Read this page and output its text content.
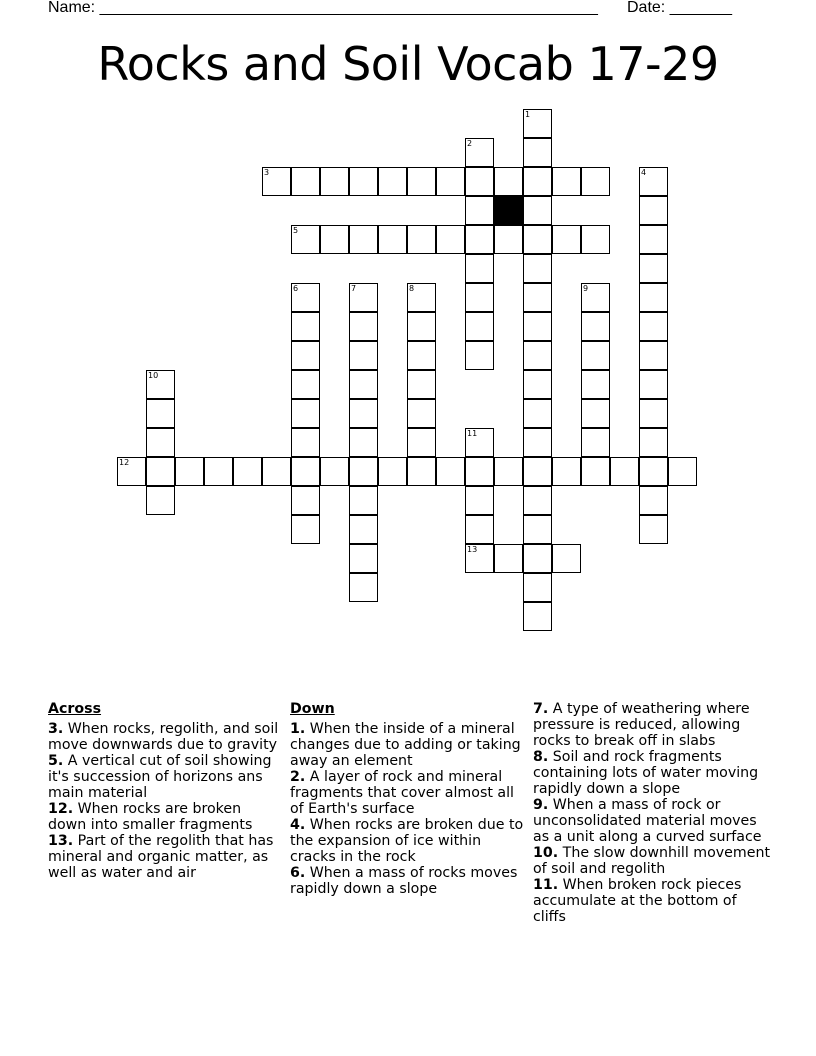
Name: ________________________________________________________ Date: _______
Rocks and Soil Vocab 17-29
1
2
3	4
5
6	7	8	9
10
11
13
12
Across
3. When rocks, regolith, and soil move downwards due to gravity
5. A vertical cut of soil showing it's succession of horizons ans main material
12. When rocks are broken down into smaller fragments
13. Part of the regolith that has mineral and organic matter, as well as water and air
Down
1. When the inside of a mineral changes due to adding or taking away an element
2. A layer of rock and mineral fragments that cover almost all of Earth's surface
4. When rocks are broken due to the expansion of ice within cracks in the rock
6. When a mass of rocks moves rapidly down a slope
7. A type of weathering where pressure is reduced, allowing rocks to break off in slabs
8. Soil and rock fragments containing lots of water moving rapidly down a slope
9. When a mass of rock or unconsolidated material moves as a unit along a curved surface
10. The slow downhill movement of soil and regolith
11. When broken rock pieces accumulate at the bottom of cliffs
